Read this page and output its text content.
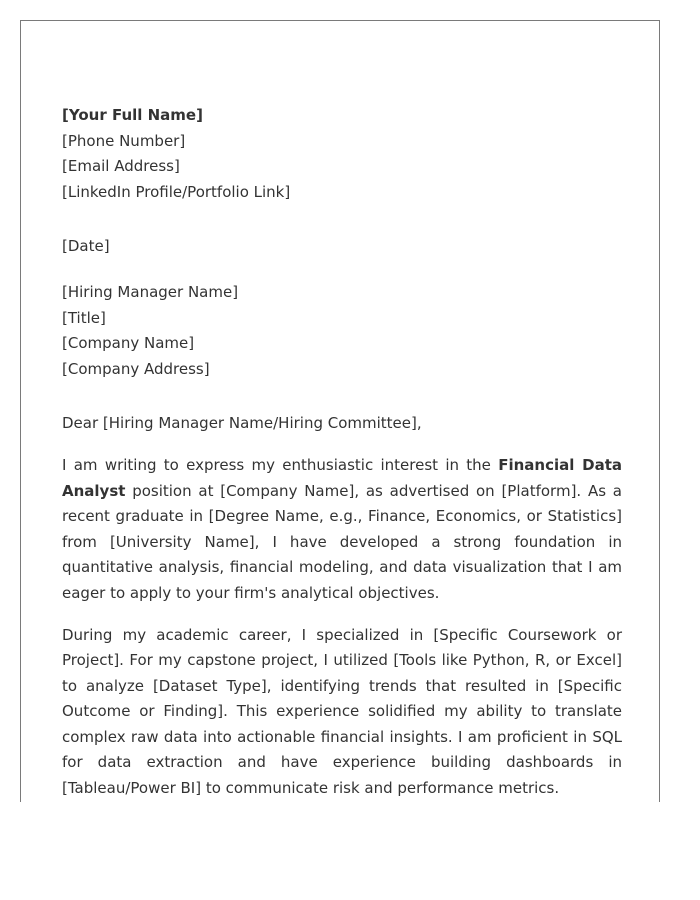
[Your Full Name]
[Phone Number]
[Email Address]
[LinkedIn Profile/Portfolio Link]
[Date]
[Hiring Manager Name]
[Title]
[Company Name]
[Company Address]
Dear [Hiring Manager Name/Hiring Committee],

I am writing to express my enthusiastic interest in the Financial Data Analyst position at [Company Name], as advertised on [Platform]. As a recent graduate in [Degree Name, e.g., Finance, Economics, or Statistics] from [University Name], I have developed a strong foundation in quantitative analysis, financial modeling, and data visualization that I am eager to apply to your firm's analytical objectives.

During my academic career, I specialized in [Specific Coursework or Project]. For my capstone project, I utilized [Tools like Python, R, or Excel] to analyze [Dataset Type], identifying trends that resulted in [Specific Outcome or Finding]. This experience solidified my ability to translate complex raw data into actionable financial insights. I am proficient in SQL for data extraction and have experience building dashboards in [Tableau/Power BI] to communicate risk and performance metrics.
